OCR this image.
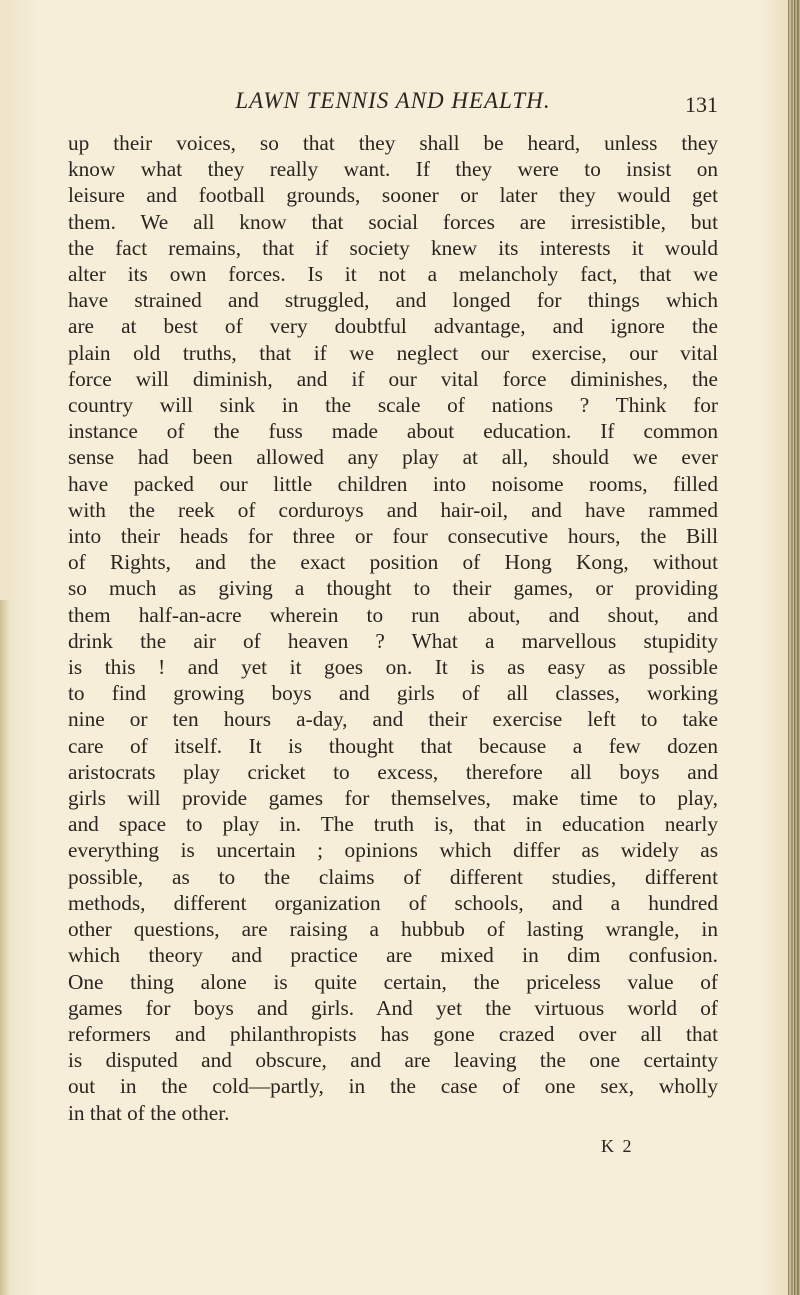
LAWN TENNIS AND HEALTH.	131
up their voices, so that they shall be heard, unless they
know what they really want. If they were to insist on
leisure and football grounds, sooner or later they would get
them. We all know that social forces are irresistible, but
the fact remains, that if society knew its interests it would
alter its own forces. Is it not a melancholy fact, that we
have strained and struggled, and longed for things which
are at best of very doubtful advantage, and ignore the
plain old truths, that if we neglect our exercise, our vital
force will diminish, and if our vital force diminishes, the
country will sink in the scale of nations ? Think for
instance of the fuss made about education. If common
sense had been allowed any play at all, should we ever
have packed our little children into noisome rooms, filled
with the reek of corduroys and hair-oil, and have rammed
into their heads for three or four consecutive hours, the Bill
of Rights, and the exact position of Hong Kong, without
so much as giving a thought to their games, or providing
them half-an-acre wherein to run about, and shout, and
drink the air of heaven ? What a marvellous stupidity
is this ! and yet it goes on. It is as easy as possible
to find growing boys and girls of all classes, working
nine or ten hours a-day, and their exercise left to take
care of itself. It is thought that because a few dozen
aristocrats play cricket to excess, therefore all boys and
girls will provide games for themselves, make time to play,
and space to play in. The truth is, that in education nearly
everything is uncertain ; opinions which differ as widely as
possible, as to the claims of different studies, different
methods, different organization of schools, and a hundred
other questions, are raising a hubbub of lasting wrangle, in
which theory and practice are mixed in dim confusion.
One thing alone is quite certain, the priceless value of
games for boys and girls. And yet the virtuous world of
reformers and philanthropists has gone crazed over all that
is disputed and obscure, and are leaving the one certainty
out in the cold—partly, in the case of one sex, wholly
in that of the other.
K 2
